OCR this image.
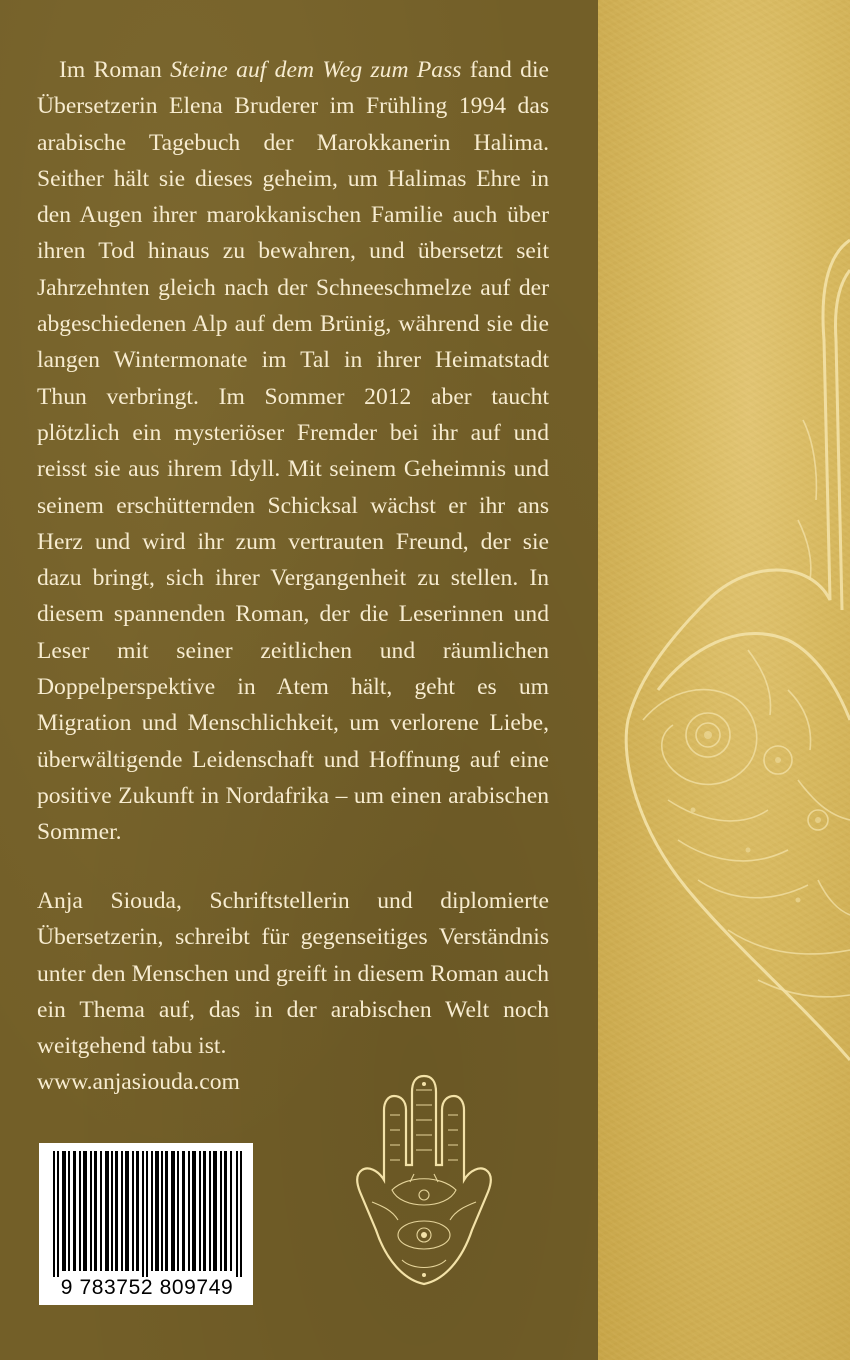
Im Roman Steine auf dem Weg zum Pass fand die Übersetzerin Elena Bruderer im Frühling 1994 das arabische Tagebuch der Marokkanerin Halima. Seither hält sie dieses geheim, um Halimas Ehre in den Augen ihrer marokkanischen Familie auch über ihren Tod hinaus zu bewahren, und übersetzt seit Jahrzehnten gleich nach der Schneeschmelze auf der abgeschiedenen Alp auf dem Brünig, während sie die langen Wintermonate im Tal in ihrer Heimatstadt Thun verbringt. Im Sommer 2012 aber taucht plötzlich ein mysteriöser Fremder bei ihr auf und reisst sie aus ihrem Idyll. Mit seinem Geheimnis und seinem erschütternden Schicksal wächst er ihr ans Herz und wird ihr zum vertrauten Freund, der sie dazu bringt, sich ihrer Vergangenheit zu stellen. In diesem spannenden Roman, der die Leserinnen und Leser mit seiner zeitlichen und räumlichen Doppelperspektive in Atem hält, geht es um Migration und Menschlichkeit, um verlorene Liebe, überwältigende Leidenschaft und Hoffnung auf eine positive Zukunft in Nordafrika – um einen arabischen Sommer.

Anja Siouda, Schriftstellerin und diplomierte Übersetzerin, schreibt für gegenseitiges Verständnis unter den Menschen und greift in diesem Roman auch ein Thema auf, das in der arabischen Welt noch weitgehend tabu ist.
www.anjasiouda.com
9 783752 809749
